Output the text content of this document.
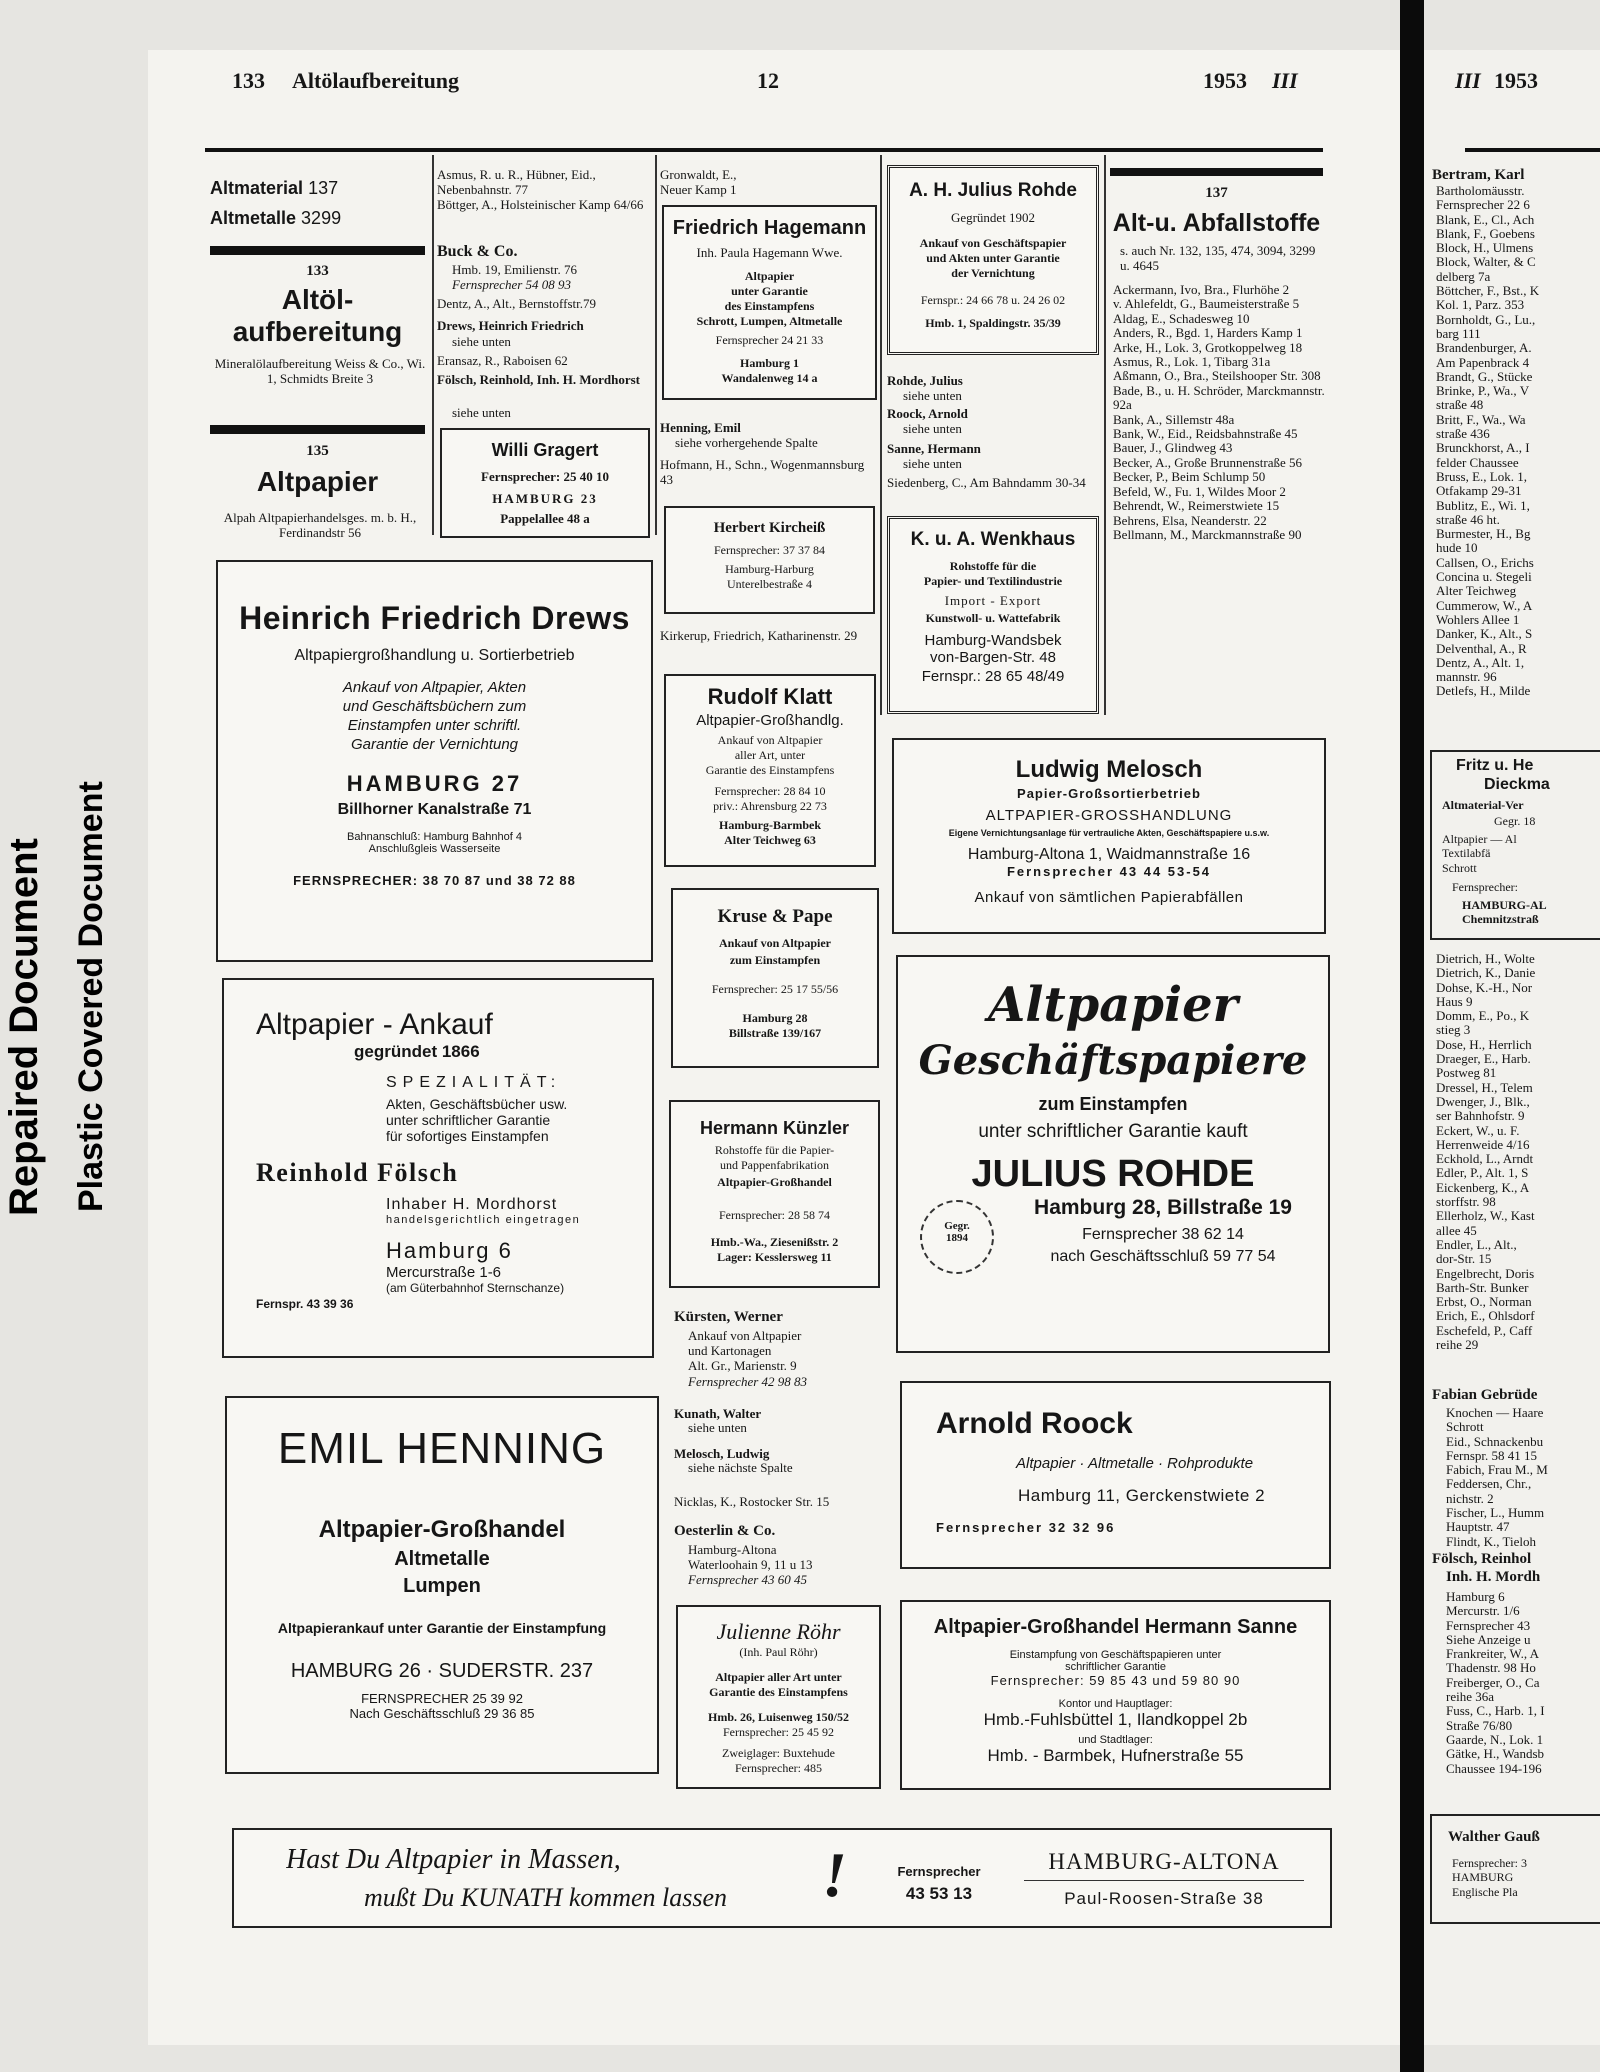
Repaired Document Plastic Covered Document
133 Altölaufbereitung	12	1953 III	III 1953

Altmaterial 137

Altmetalle 3299

133
Altöl-
aufbereitung
Mineralölaufbereitung Weiss & Co., Wi. 1, Schmidts Breite 3
135
Altpapier
Alpah Altpapierhandelsges. m. b. H., Ferdinandstr 56
Asmus, R. u. R., Hübner, Eid., Nebenbahnstr. 77
Böttger, A., Holsteinischer Kamp 64/66
Buck & Co.
Hmb. 19, Emilienstr. 76
Fernsprecher 54 08 93
Dentz, A., Alt., Bernstoffstr.79
Drews, Heinrich Friedrich
siehe unten
Eransaz, R., Raboisen 62
Fölsch, Reinhold, Inh. H. Mordhorst
siehe unten
Willi Gragert
Fernsprecher: 25 40 10
HAMBURG 23
Pappelallee 48 a
Gronwaldt, E.,
Neuer Kamp 1
Friedrich Hagemann
Inh. Paula Hagemann Wwe.
Altpapier
unter Garantie
des Einstampfens
Schrott, Lumpen, Altmetalle
Fernsprecher 24 21 33
Hamburg 1
Wandalenweg 14 a
Henning, Emil
siehe vorhergehende Spalte
Hofmann, H., Schn., Wogenmannsburg 43
Herbert Kircheiß
Fernsprecher: 37 37 84
Hamburg-Harburg
Unterelbestraße 4
Kirkerup, Friedrich, Katharinenstr. 29
A. H. Julius Rohde
Gegründet 1902
Ankauf von Geschäftspapier
und Akten unter Garantie
der Vernichtung
Fernspr.: 24 66 78 u. 24 26 02
Hmb. 1, Spaldingstr. 35/39
Rohde, Julius
siehe unten
Roock, Arnold
siehe unten
Sanne, Hermann
siehe unten
Siedenberg, C., Am Bahndamm 30-34
K. u. A. Wenkhaus
Rohstoffe für die
Papier- und Textilindustrie
Import - Export
Kunstwoll- u. Wattefabrik
Hamburg-Wandsbek
von-Bargen-Str. 48
Fernspr.: 28 65 48/49
137
Alt-u. Abfallstoffe
s. auch Nr. 132, 135, 474, 3094, 3299 u. 4645
Ackermann, Ivo, Bra., Flurhöhe 2
v. Ahlefeldt, G., Baumeisterstraße 5
Aldag, E., Schadesweg 10
Anders, R., Bgd. 1, Harders Kamp 1
Arke, H., Lok. 3, Grotkoppelweg 18
Asmus, R., Lok. 1, Tibarg 31a
Aßmann, O., Bra., Steilshooper Str. 308
Bade, B., u. H. Schröder, Marckmannstr. 92a
Bank, A., Sillemstr 48a
Bank, W., Eid., Reidsbahnstraße 45
Bauer, J., Glindweg 43
Becker, A., Große Brunnenstraße 56
Becker, P., Beim Schlump 50
Befeld, W., Fu. 1, Wildes Moor 2
Behrendt, W., Reimerstwiete 15
Behrens, Elsa, Neanderstr. 22
Bellmann, M., Marckmannstraße 90
Heinrich Friedrich Drews
Altpapiergroßhandlung u. Sortierbetrieb
Ankauf von Altpapier, Akten
und Geschäftsbüchern zum
Einstampfen unter schriftl.
Garantie der Vernichtung
HAMBURG 27
Billhorner Kanalstraße 71
Bahnanschluß: Hamburg Bahnhof 4
Anschlußgleis Wasserseite
FERNSPRECHER: 38 70 87 und 38 72 88
Rudolf Klatt
Altpapier-Großhandlg.
Ankauf von Altpapier
aller Art, unter
Garantie des Einstampfens
Fernsprecher: 28 84 10
priv.: Ahrensburg 22 73
Hamburg-Barmbek
Alter Teichweg 63
Ludwig Melosch
Papier-Großsortierbetrieb
ALTPAPIER-GROSSHANDLUNG
Eigene Vernichtungsanlage für vertrauliche Akten, Geschäftspapiere u.s.w.
Hamburg-Altona 1, Waidmannstraße 16
Fernsprecher 43 44 53-54
Ankauf von sämtlichen Papierabfällen
Kruse & Pape
Ankauf von Altpapier
zum Einstampfen
Fernsprecher: 25 17 55/56
Hamburg 28
Billstraße 139/167
Altpapier - Ankauf
gegründet 1866
SPEZIALITÄT:
Akten, Geschäftsbücher usw.
unter schriftlicher Garantie
für sofortiges Einstampfen
Reinhold Fölsch
Inhaber H. Mordhorst
handelsgerichtlich eingetragen
Hamburg 6
Mercurstraße 1-6
(am Güterbahnhof Sternschanze)
Fernspr. 43 39 36
Hermann Künzler
Rohstoffe für die Papier-
und Pappenfabrikation
Altpapier-Großhandel
Fernsprecher: 28 58 74
Hmb.-Wa., Ziesenißstr. 2
Lager: Kesslersweg 11
Altpapier
Geschäftspapiere
zum Einstampfen
unter schriftlicher Garantie kauft
JULIUS ROHDE
Gegr.
1894
Hamburg 28, Billstraße 19
Fernsprecher 38 62 14
nach Geschäftsschluß 59 77 54
Kürsten, Werner
Ankauf von Altpapier
und Kartonagen
Alt. Gr., Marienstr. 9
Fernsprecher 42 98 83
Kunath, Walter
siehe unten
Melosch, Ludwig
siehe nächste Spalte
Nicklas, K., Rostocker Str. 15
Oesterlin & Co.
Hamburg-Altona
Waterloohain 9, 11 u 13
Fernsprecher 43 60 45
EMIL HENNING
Altpapier-Großhandel
Altmetalle
Lumpen
Altpapierankauf unter Garantie der Einstampfung
HAMBURG 26 · SUDERSTR. 237
FERNSPRECHER 25 39 92
Nach Geschäftsschluß 29 36 85
Arnold Roock
Altpapier · Altmetalle · Rohprodukte
Hamburg 11, Gerckenstwiete 2
Fernsprecher 32 32 96
Julienne Röhr
(Inh. Paul Röhr)
Altpapier aller Art unter
Garantie des Einstampfens
Hmb. 26, Luisenweg 150/52
Fernsprecher: 25 45 92
Zweiglager: Buxtehude
Fernsprecher: 485
Altpapier-Großhandel Hermann Sanne
Einstampfung von Geschäftspapieren unter
schriftlicher Garantie
Fernsprecher: 59 85 43 und 59 80 90
Kontor und Hauptlager:
Hmb.-Fuhlsbüttel 1, Ilandkoppel 2b
und Stadtlager:
Hmb. - Barmbek, Hufnerstraße 55
Hast Du Altpapier in Massen,
mußt Du KUNATH kommen lassen	!	Fernsprecher
43 53 13
HAMBURG-ALTONA
Paul-Roosen-Straße 38
Bertram, Karl
Bartholomäusstr.
Fernsprecher 22 6
Blank, E., Cl., Ach
Blank, F., Goebens
Block, H., Ulmens
Block, Walter, & C
delberg 7a
Böttcher, F., Bst., K
Kol. 1, Parz. 353
Bornholdt, G., Lu.,
barg 111
Brandenburger, A.
Am Papenbrack 4
Brandt, G., Stücke
Brinke, P., Wa., V
straße 48
Britt, F., Wa., Wa
straße 436
Brunckhorst, A., I
felder Chaussee
Bruss, E., Lok. 1,
Otfakamp 29-31
Bublitz, E., Wi. 1,
straße 46 ht.
Burmester, H., Bg
hude 10
Callsen, O., Erichs
Concina u. Stegeli
Alter Teichweg
Cummerow, W., A
Wohlers Allee 1
Danker, K., Alt., S
Delventhal, A., R
Dentz, A., Alt. 1,
mannstr. 96
Detlefs, H., Milde
Fritz u. He
Dieckma
Altmaterial-Ver
Gegr. 18
Altpapier — Al
Textilabfä
Schrott
Fernsprecher:
HAMBURG-AL
Chemnitzstraß
Dietrich, H., Wolte
Dietrich, K., Danie
Dohse, K.-H., Nor
Haus 9
Domm, E., Po., K
stieg 3
Dose, H., Herrlich
Draeger, E., Harb.
Postweg 81
Dressel, H., Telem
Dwenger, J., Blk.,
ser Bahnhofstr. 9
Eckert, W., u. F.
Herrenweide 4/16
Eckhold, L., Arndt
Edler, P., Alt. 1, S
Eickenberg, K., A
storffstr. 98
Ellerholz, W., Kast
allee 45
Endler, L., Alt.,
dor-Str. 15
Engelbrecht, Doris
Barth-Str. Bunker
Erbst, O., Norman
Erich, E., Ohlsdorf
Eschefeld, P., Caff
reihe 29
Fabian Gebrüde
Knochen — Haare
Schrott
Eid., Schnackenbu
Fernspr. 58 41 15
Fabich, Frau M., M
Feddersen, Chr.,
nichstr. 2
Fischer, L., Humm
Hauptstr. 47
Flindt, K., Tieloh
Fölsch, Reinhol
Inh. H. Mordh
Hamburg 6
Mercurstr. 1/6
Fernsprecher 43
Siehe Anzeige u
Frankreiter, W., A
Thadenstr. 98 Ho
Freiberger, O., Ca
reihe 36a
Fuss, C., Harb. 1, I
Straße 76/80
Gaarde, N., Lok. 1
Gätke, H., Wandsb
Chaussee 194-196
Walther Gauß
Fernsprecher: 3
HAMBURG
Englische Pla
